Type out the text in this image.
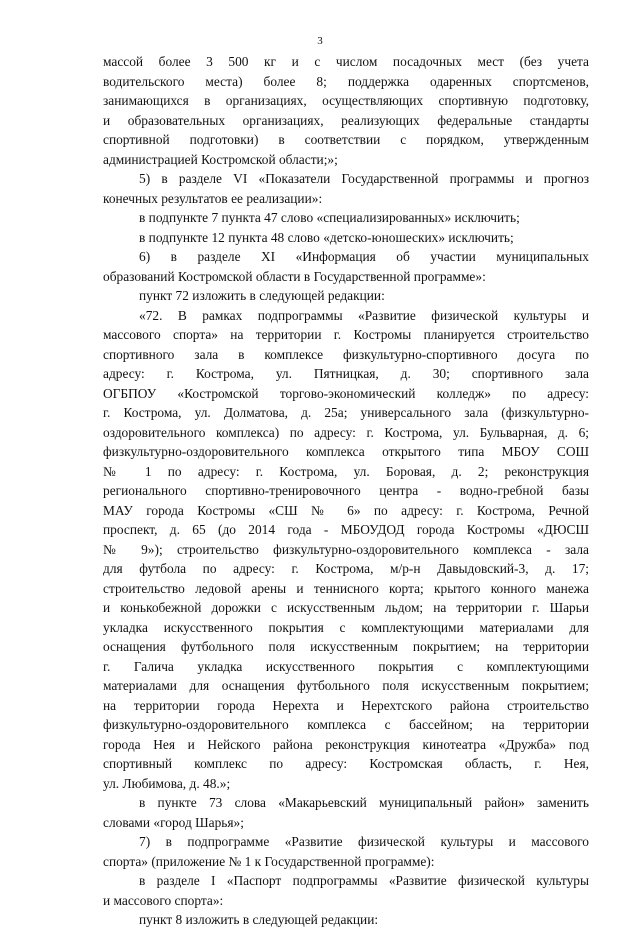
3
массой более 3 500 кг и с числом посадочных мест (без учета
водительского места) более 8; поддержка одаренных спортсменов,
занимающихся в организациях, осуществляющих спортивную подготовку,
и образовательных организациях, реализующих федеральные стандарты
спортивной подготовки) в соответствии с порядком, утвержденным
администрацией Костромской области;»;
5) в разделе VI «Показатели Государственной программы и прогноз
конечных результатов ее реализации»:
в подпункте 7 пункта 47 слово «специализированных» исключить;
в подпункте 12 пункта 48 слово «детско-юношеских» исключить;
6) в разделе XI «Информация об участии муниципальных
образований Костромской области в Государственной программе»:
пункт 72 изложить в следующей редакции:
«72. В рамках подпрограммы «Развитие физической культуры и
массового спорта» на территории г. Костромы планируется строительство
спортивного зала в комплексе физкультурно-спортивного досуга по
адресу: г. Кострома, ул. Пятницкая, д. 30; спортивного зала
ОГБПОУ «Костромской торгово-экономический колледж» по адресу:
г. Кострома, ул. Долматова, д. 25а; универсального зала (физкультурно-
оздоровительного комплекса) по адресу: г. Кострома, ул. Бульварная, д. 6;
физкультурно-оздоровительного комплекса открытого типа МБОУ СОШ
№ 1 по адресу: г. Кострома, ул. Боровая, д. 2; реконструкция
регионального спортивно-тренировочного центра - водно-гребной базы
МАУ города Костромы «СШ № 6» по адресу: г. Кострома, Речной
проспект, д. 65 (до 2014 года - МБОУДОД города Костромы «ДЮСШ
№ 9»); строительство физкультурно-оздоровительного комплекса - зала
для футбола по адресу: г. Кострома, м/р-н Давыдовский-3, д. 17;
строительство ледовой арены и теннисного корта; крытого конного манежа
и конькобежной дорожки с искусственным льдом; на территории г. Шарьи
укладка искусственного покрытия с комплектующими материалами для
оснащения футбольного поля искусственным покрытием; на территории
г. Галича укладка искусственного покрытия с комплектующими
материалами для оснащения футбольного поля искусственным покрытием;
на территории города Нерехта и Нерехтского района строительство
физкультурно-оздоровительного комплекса с бассейном; на территории
города Нея и Нейского района реконструкция кинотеатра «Дружба» под
спортивный комплекс по адресу: Костромская область, г. Нея,
ул. Любимова, д. 48.»;
в пункте 73 слова «Макарьевский муниципальный район» заменить
словами «город Шарья»;
7) в подпрограмме «Развитие физической культуры и массового
спорта» (приложение № 1 к Государственной программе):
в разделе I «Паспорт подпрограммы «Развитие физической культуры
и массового спорта»:
пункт 8 изложить в следующей редакции:
